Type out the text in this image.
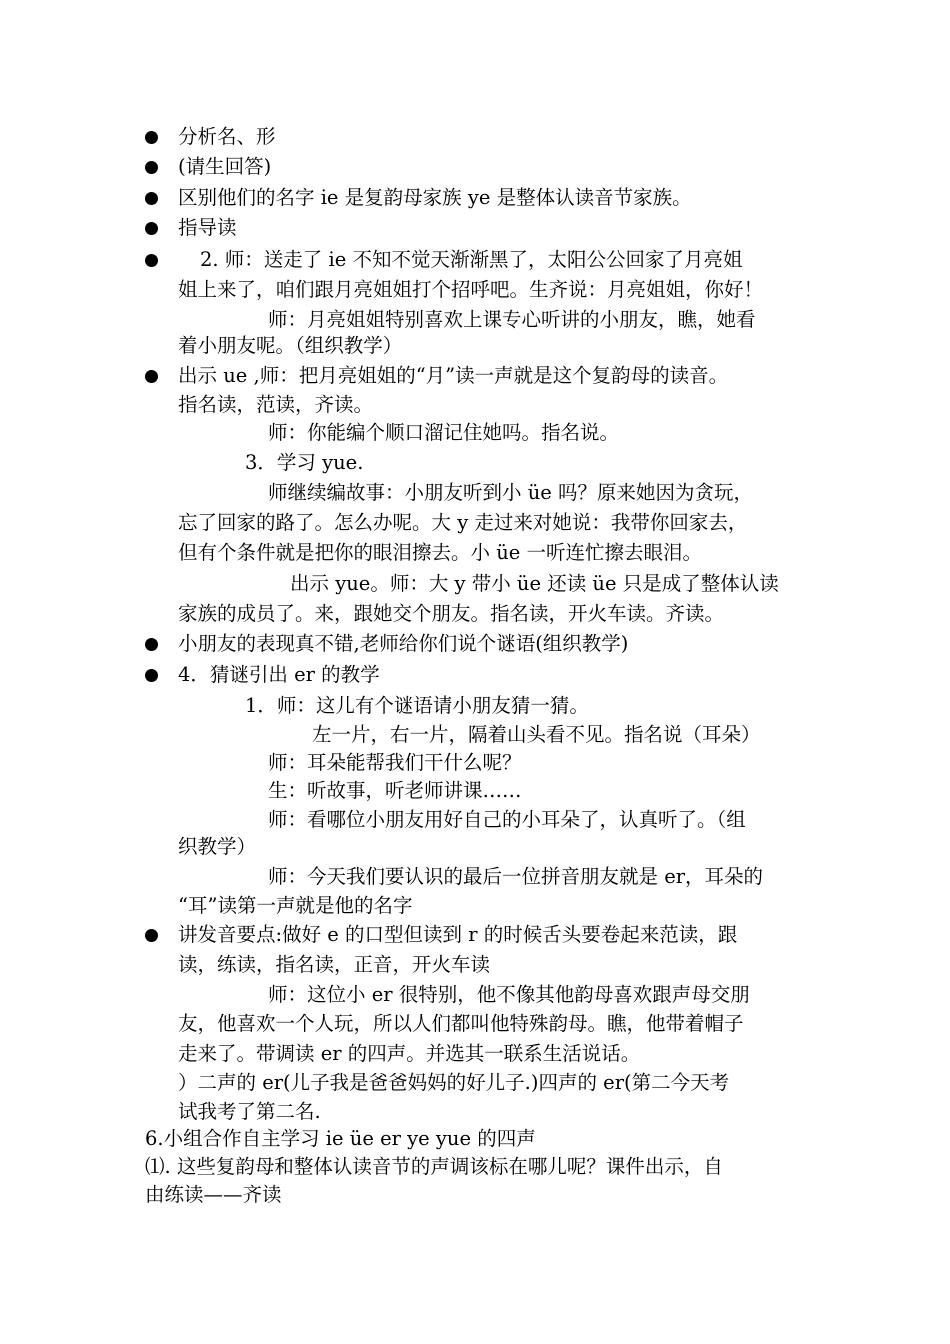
分析名、形
(请生回答)
区别他们的名字 ie 是复韵母家族 ye 是整体认读音节家族。
指导读
2. 师：送走了 ie 不知不觉天渐渐黑了，太阳公公回家了月亮姐
姐上来了，咱们跟月亮姐姐打个招呼吧。生齐说：月亮姐姐，你好！
师：月亮姐姐特别喜欢上课专心听讲的小朋友，瞧，她看
着小朋友呢。（组织教学）
出示 ue ,师：把月亮姐姐的“月”读一声就是这个复韵母的读音。
指名读，范读，齐读。
师：你能编个顺口溜记住她吗。指名说。
3．学习 yue.
师继续编故事：小朋友听到小 üe 吗？原来她因为贪玩，
忘了回家的路了。怎么办呢。大 y 走过来对她说：我带你回家去，
但有个条件就是把你的眼泪擦去。小 üe 一听连忙擦去眼泪。
出示 yue。师：大 y 带小 üe 还读 üe 只是成了整体认读
家族的成员了。来，跟她交个朋友。指名读，开火车读。齐读。
小朋友的表现真不错,老师给你们说个谜语(组织教学)
4．猜谜引出 er 的教学
1．师：这儿有个谜语请小朋友猜一猜。
左一片，右一片，隔着山头看不见。指名说（耳朵）
师：耳朵能帮我们干什么呢？
生：听故事，听老师讲课……
师：看哪位小朋友用好自己的小耳朵了，认真听了。（组
织教学）
师：今天我们要认识的最后一位拼音朋友就是 er，耳朵的
“耳”读第一声就是他的名字
讲发音要点:做好 e 的口型但读到 r 的时候舌头要卷起来范读，跟
读，练读，指名读，正音，开火车读
师：这位小 er 很特别，他不像其他韵母喜欢跟声母交朋
友，他喜欢一个人玩，所以人们都叫他特殊韵母。瞧，他带着帽子
走来了。带调读 er 的四声。并选其一联系生活说话。
）二声的 er(儿子我是爸爸妈妈的好儿子.)四声的 er(第二今天考
试我考了第二名.
6.小组合作自主学习 ie üe er ye yue 的四声
⑴. 这些复韵母和整体认读音节的声调该标在哪儿呢？课件出示，自
由练读——齐读
